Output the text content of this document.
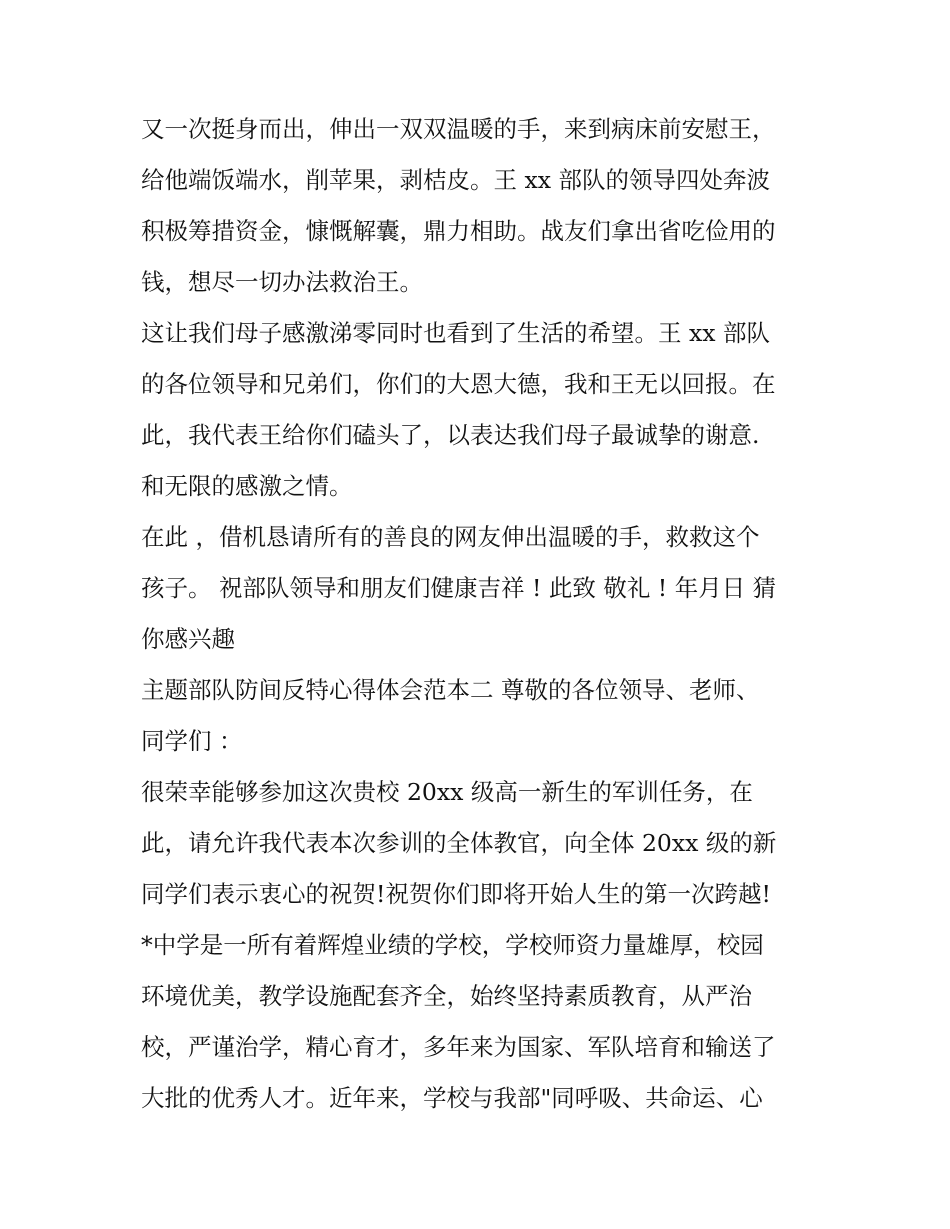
又一次挺身而出，伸出一双双温暖的手，来到病床前安慰王，
给他端饭端水，削苹果，剥桔皮。王 xx 部队的领导四处奔波
积极筹措资金，慷慨解囊，鼎力相助。战友们拿出省吃俭用的
钱，想尽一切办法救治王。
这让我们母子感激涕零同时也看到了生活的希望。王 xx 部队
的各位领导和兄弟们，你们的大恩大德，我和王无以回报。在
此，我代表王给你们磕头了，以表达我们母子最诚挚的谢意.
和无限的感激之情。
在此 ，借机恳请所有的善良的网友伸出温暖的手，救救这个
孩子。 祝部队领导和朋友们健康吉祥 ! 此致 敬礼 ! 年月日 猜
你感兴趣
主题部队防间反特心得体会范本二 尊敬的各位领导、老师、
同学们 ：
很荣幸能够参加这次贵校 20xx 级高一新生的军训任务，在
此，请允许我代表本次参训的全体教官，向全体 20xx 级的新
同学们表示衷心的祝贺!祝贺你们即将开始人生的第一次跨越!
*中学是一所有着辉煌业绩的学校，学校师资力量雄厚，校园
环境优美，教学设施配套齐全，始终坚持素质教育，从严治
校，严谨治学，精心育才，多年来为国家、军队培育和输送了
大批的优秀人才。近年来，学校与我部"同呼吸、共命运、心
